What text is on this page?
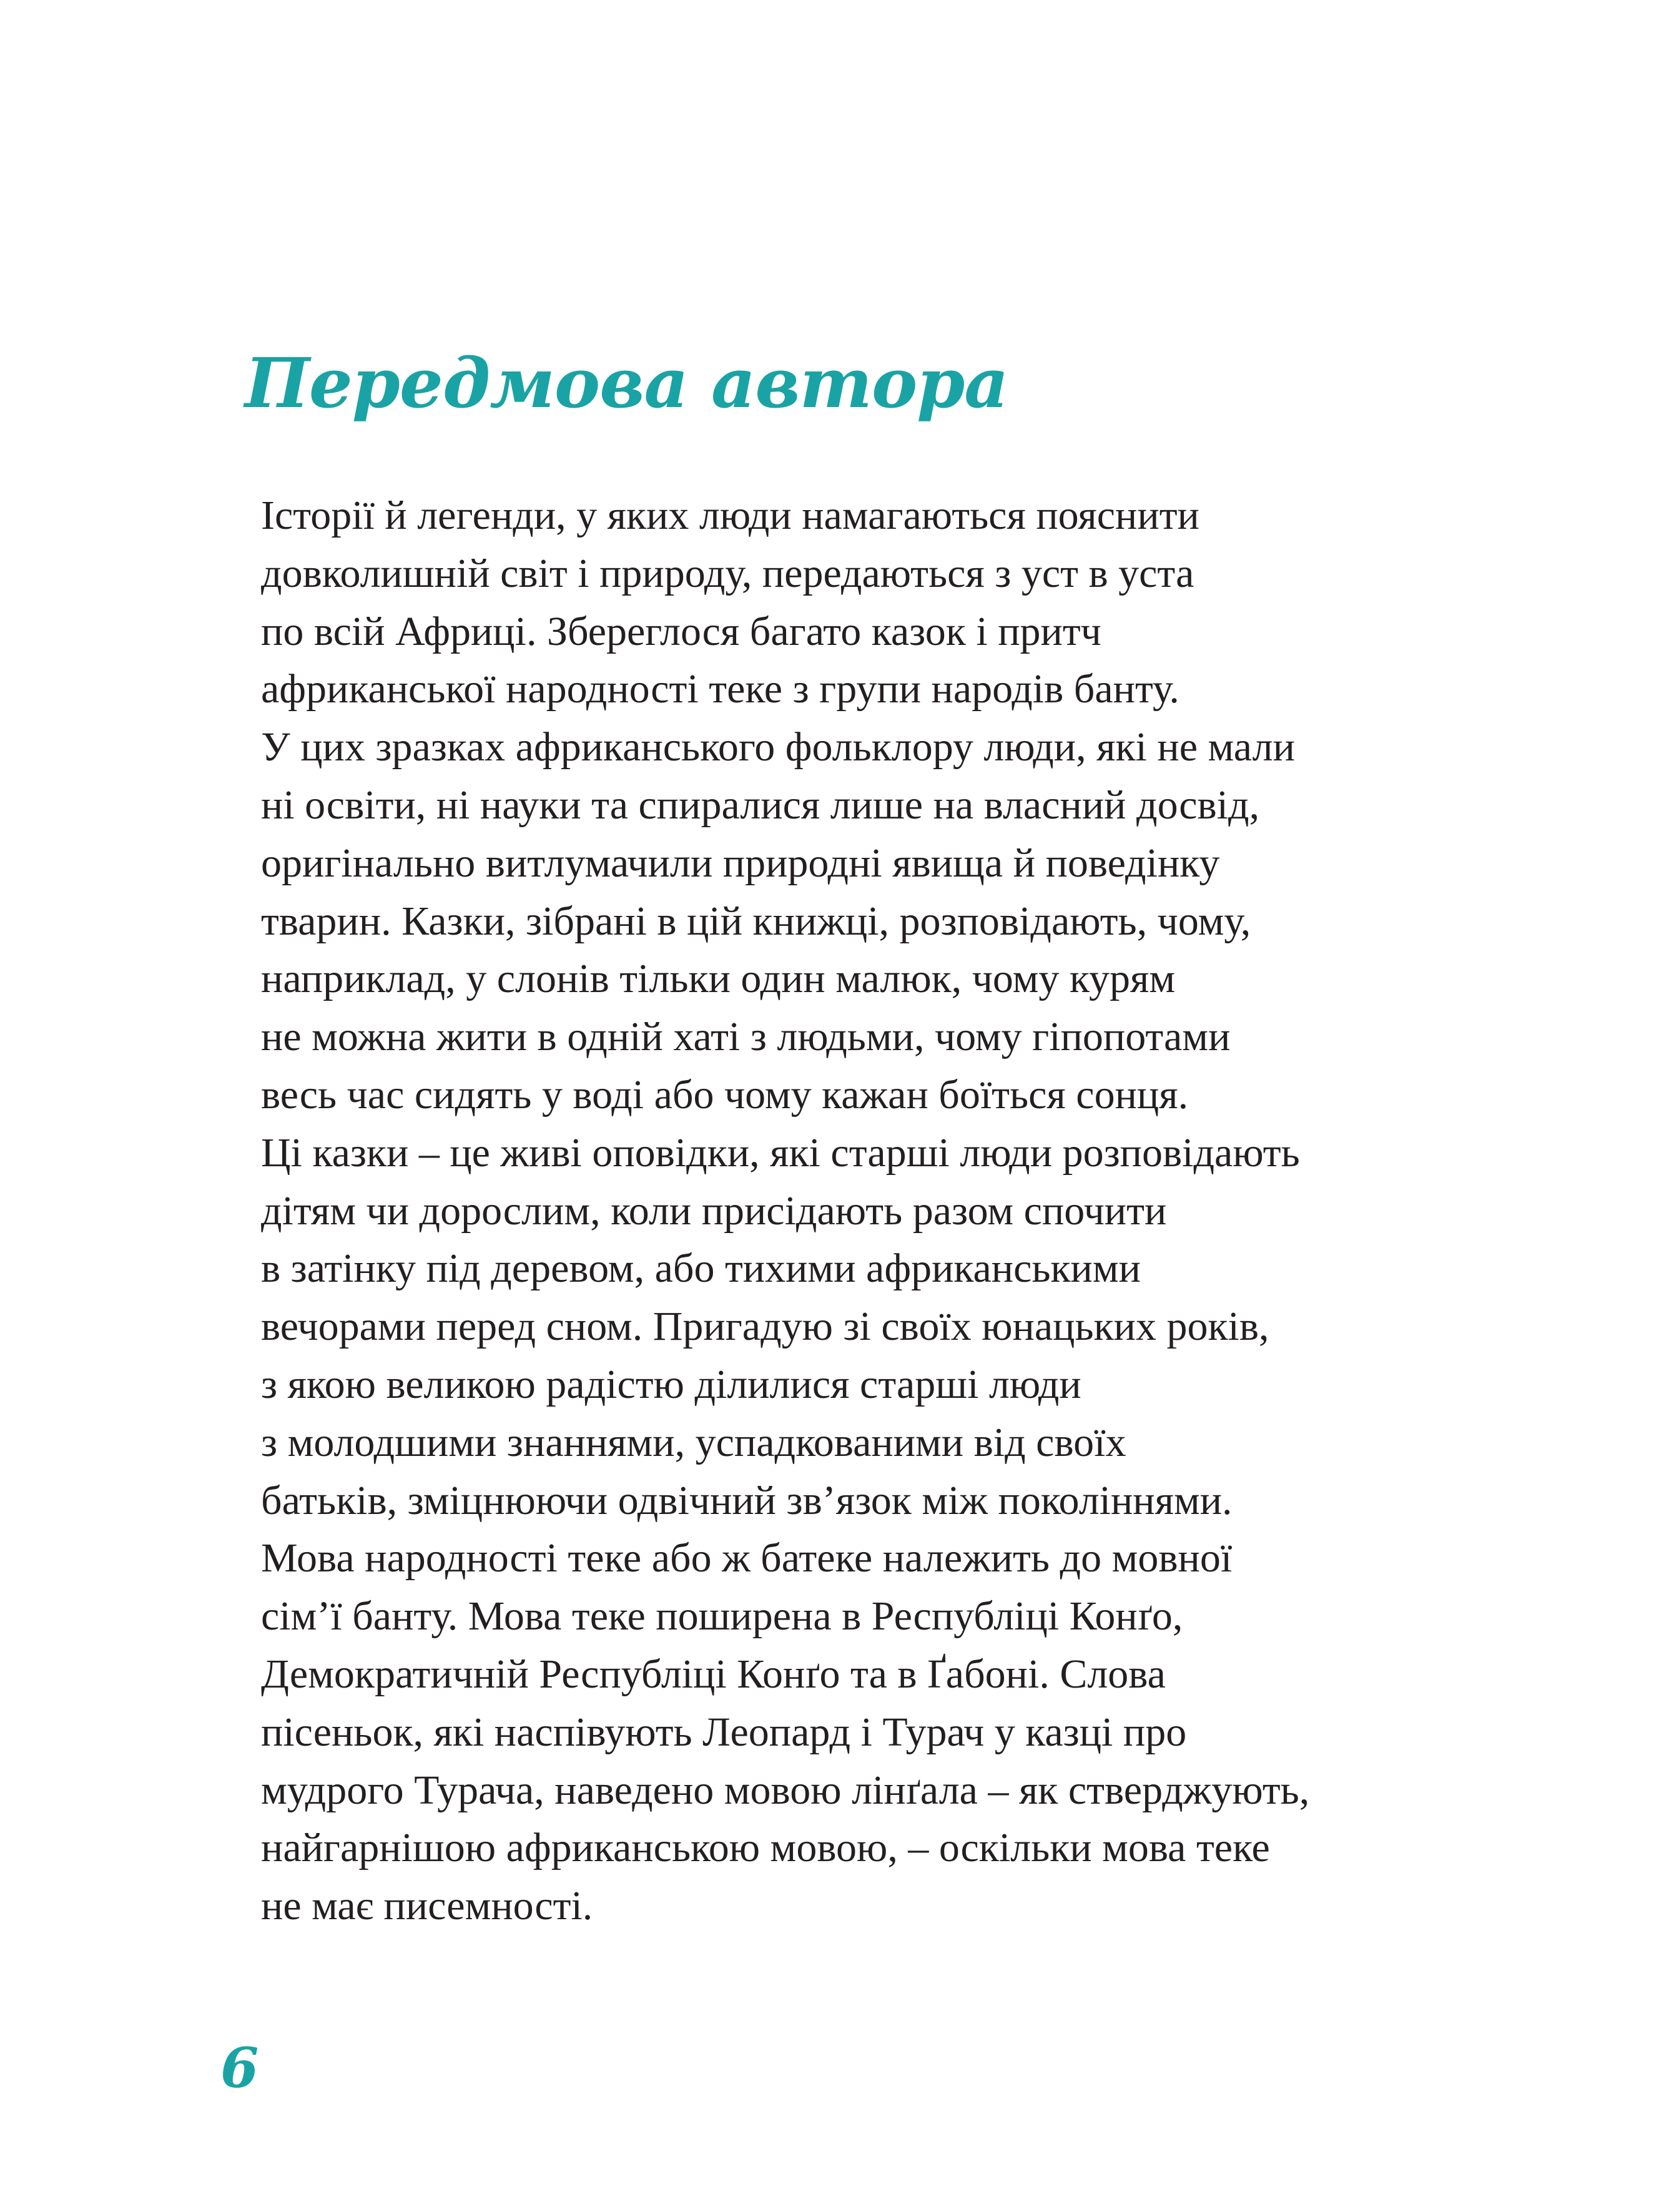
Передмова автора
Історії й легенди, у яких люди намагаються пояснити
довколишній світ і природу, передаються з уст в уста
по всій Африці. Збереглося багато казок і притч
африканської народності теке з групи народів банту.
У цих зразках африканського фольклору люди, які не мали
ні освіти, ні науки та спиралися лише на власний досвід,
оригінально витлумачили природні явища й поведінку
тварин. Казки, зібрані в цій книжці, розповідають, чому,
наприклад, у слонів тільки один малюк, чому курям
не можна жити в одній хаті з людьми, чому гіпопотами
весь час сидять у воді або чому кажан боїться сонця.
Ці казки – це живі оповідки, які старші люди розповідають
дітям чи дорослим, коли присідають разом спочити
в затінку під деревом, або тихими африканськими
вечорами перед сном. Пригадую зі своїх юнацьких років,
з якою великою радістю ділилися старші люди
з молодшими знаннями, успадкованими від своїх
батьків, зміцнюючи одвічний зв’язок між поколіннями.
Мова народності теке або ж батеке належить до мовної
сім’ї банту. Мова теке поширена в Республіці Конґо,
Демократичній Республіці Конґо та в Ґабоні. Слова
пісеньок, які наспівують Леопард і Турач у казці про
мудрого Турача, наведено мовою лінґала – як стверджують,
найгарнішою африканською мовою, – оскільки мова теке
не має писемності.
6
